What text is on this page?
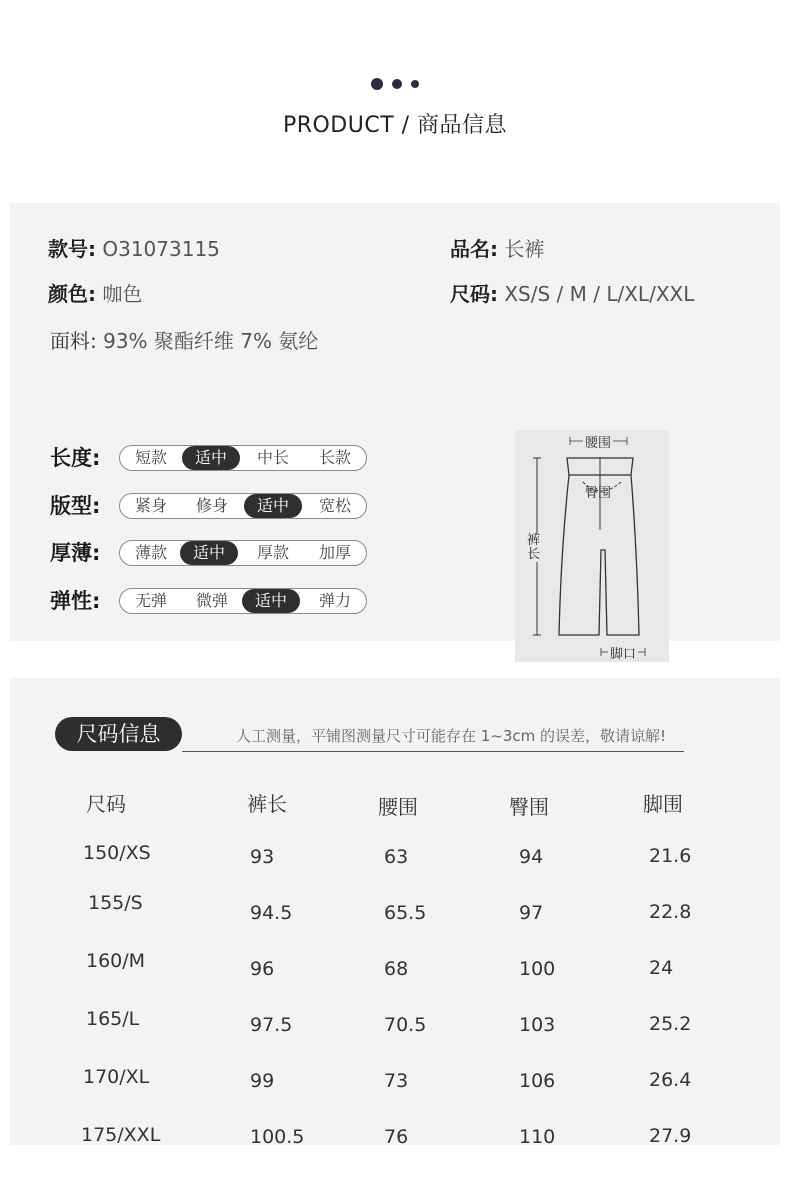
PRODUCT / 商品信息
款号: O31073115	品名: 长裤
颜色: 咖色	尺码: XS/S / M / L/XL/XXL
面料: 93% 聚酯纤维 7% 氨纶
长度:	短款	适中	中长	长款
版型:	紧身	修身	适中	宽松
厚薄:	薄款	适中	厚款	加厚
弹性:	无弹	微弹	适中	弹力
腰围
臀围
裤长
脚口
尺码信息	人工测量，平铺图测量尺寸可能存在 1~3cm 的误差，敬请谅解!
尺码	裤长	腰围	臀围	脚围
150/XS	93	63	94	21.6
155/S	94.5	65.5	97	22.8
160/M	96	68	100	24
165/L	97.5	70.5	103	25.2
170/XL	99	73	106	26.4
175/XXL	100.5	76	110	27.9
